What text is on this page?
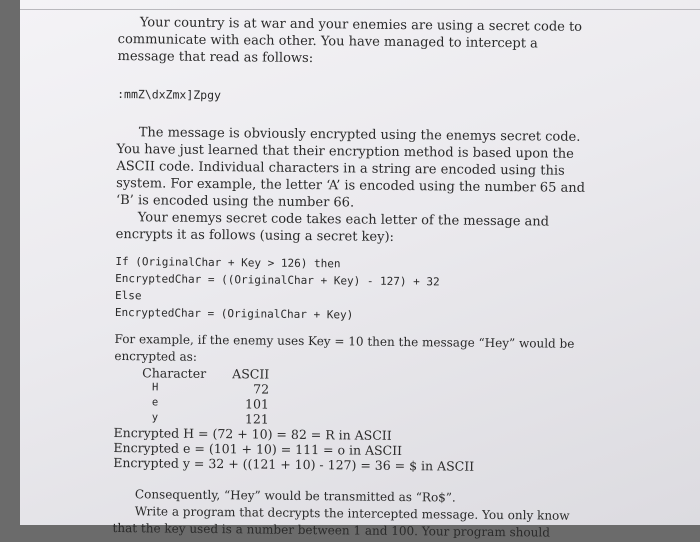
Your country is at war and your enemies are using a secret code to communicate with each other. You have managed to intercept a message that read as follows:

:mmZ\dxZmx]Zpgy

The message is obviously encrypted using the enemys secret code. You have just learned that their encryption method is based upon the ASCII code. Individual characters in a string are encoded using this system. For example, the letter ‘A’ is encoded using the number 65 and ‘B’ is encoded using the number 66.

Your enemys secret code takes each letter of the message and encrypts it as follows (using a secret key):

If (OriginalChar + Key > 126) then

EncryptedChar = ((OriginalChar + Key) - 127) + 32

Else

EncryptedChar = (OriginalChar + Key)

For example, if the enemy uses Key = 10 then the message “Hey” would be encrypted as:

Character	ASCII
H	72
e	101
y	121

Encrypted H = (72 + 10) = 82 = R in ASCII

Encrypted e = (101 + 10) = 111 = o in ASCII

Encrypted y = 32 + ((121 + 10) - 127) = 36 = $ in ASCII

Consequently, “Hey” would be transmitted as “Ro$”.

Write a program that decrypts the intercepted message. You only know that the key used is a number between 1 and 100. Your program should
